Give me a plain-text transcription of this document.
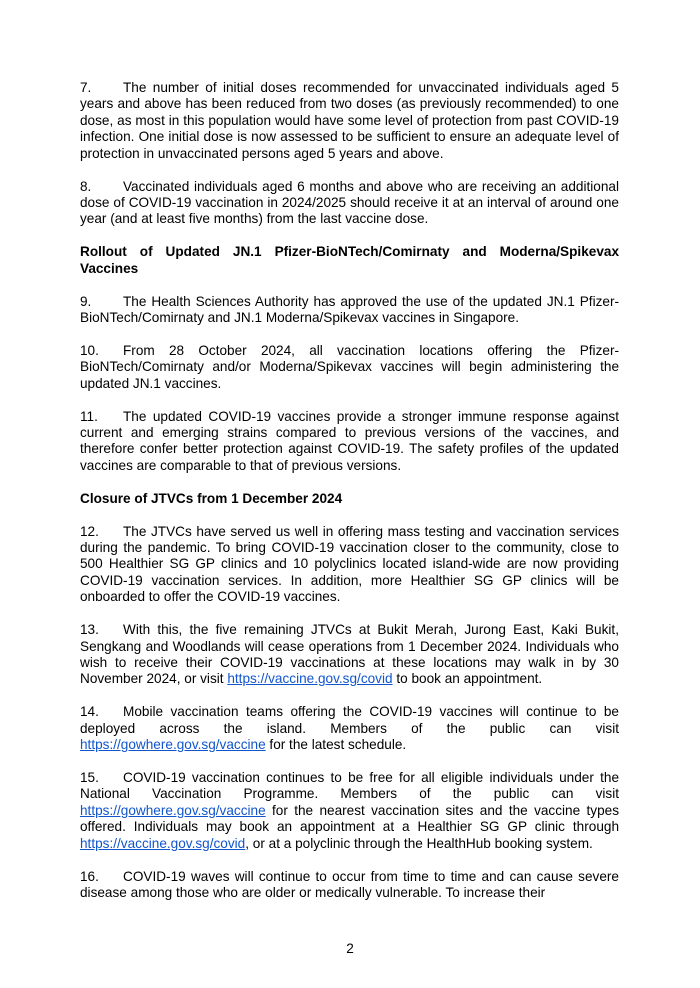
7. The number of initial doses recommended for unvaccinated individuals aged 5 years and above has been reduced from two doses (as previously recommended) to one dose, as most in this population would have some level of protection from past COVID-19 infection. One initial dose is now assessed to be sufficient to ensure an adequate level of protection in unvaccinated persons aged 5 years and above.
8. Vaccinated individuals aged 6 months and above who are receiving an additional dose of COVID-19 vaccination in 2024/2025 should receive it at an interval of around one year (and at least five months) from the last vaccine dose.
Rollout of Updated JN.1 Pfizer-BioNTech/Comirnaty and Moderna/Spikevax Vaccines
9. The Health Sciences Authority has approved the use of the updated JN.1 Pfizer-BioNTech/Comirnaty and JN.1 Moderna/Spikevax vaccines in Singapore.
10. From 28 October 2024, all vaccination locations offering the Pfizer-BioNTech/Comirnaty and/or Moderna/Spikevax vaccines will begin administering the updated JN.1 vaccines.
11. The updated COVID-19 vaccines provide a stronger immune response against current and emerging strains compared to previous versions of the vaccines, and therefore confer better protection against COVID-19. The safety profiles of the updated vaccines are comparable to that of previous versions.
Closure of JTVCs from 1 December 2024
12. The JTVCs have served us well in offering mass testing and vaccination services during the pandemic. To bring COVID-19 vaccination closer to the community, close to 500 Healthier SG GP clinics and 10 polyclinics located island-wide are now providing COVID-19 vaccination services. In addition, more Healthier SG GP clinics will be onboarded to offer the COVID-19 vaccines.
13. With this, the five remaining JTVCs at Bukit Merah, Jurong East, Kaki Bukit, Sengkang and Woodlands will cease operations from 1 December 2024. Individuals who wish to receive their COVID-19 vaccinations at these locations may walk in by 30 November 2024, or visit https://vaccine.gov.sg/covid to book an appointment.
14. Mobile vaccination teams offering the COVID-19 vaccines will continue to be deployed across the island. Members of the public can visit https://gowhere.gov.sg/vaccine for the latest schedule.
15. COVID-19 vaccination continues to be free for all eligible individuals under the National Vaccination Programme. Members of the public can visit https://gowhere.gov.sg/vaccine for the nearest vaccination sites and the vaccine types offered. Individuals may book an appointment at a Healthier SG GP clinic through https://vaccine.gov.sg/covid, or at a polyclinic through the HealthHub booking system.
16. COVID-19 waves will continue to occur from time to time and can cause severe disease among those who are older or medically vulnerable. To increase their
2
